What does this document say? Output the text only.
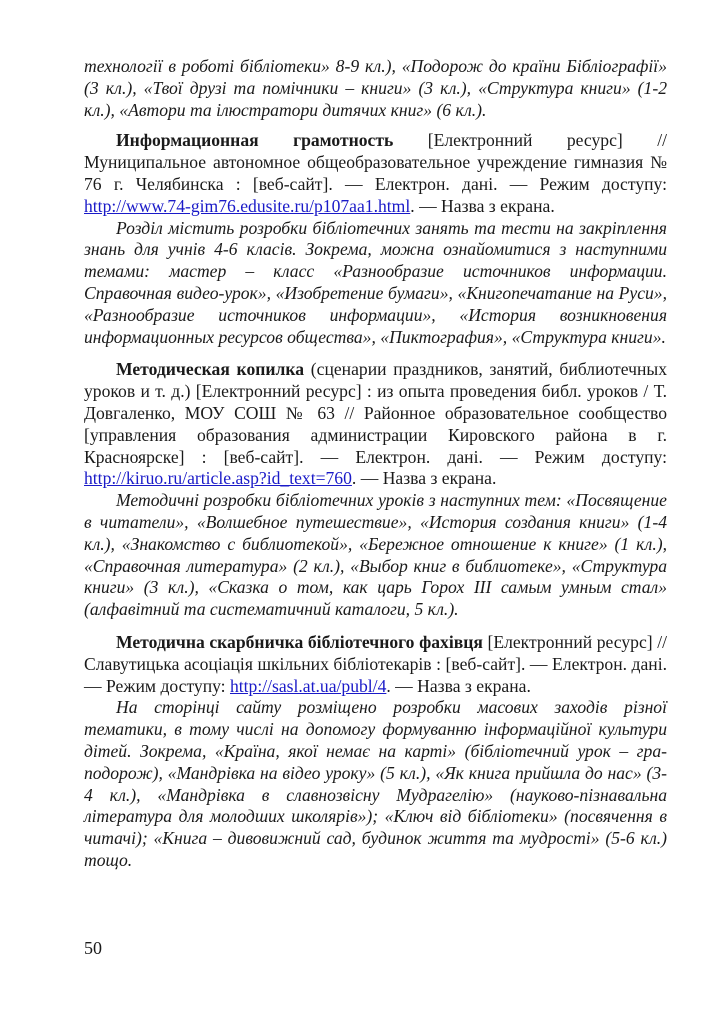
технології в роботі бібліотеки» 8-9 кл.), «Подорож до країни Бібліографії» (3 кл.), «Твої друзі та помічники – книги» (3 кл.), «Структура книги» (1-2 кл.), «Автори та ілюстратори дитячих книг» (6 кл.).

Информационная грамотность [Електронний ресурс] // Муниципальное автономное общеобразовательное учреждение гимназия № 76 г. Челябинска : [веб-сайт]. — Електрон. дані. — Режим доступу: http://www.74-gim76.edusite.ru/p107aa1.html. — Назва з екрана.

Розділ містить розробки бібліотечних занять та тести на закріплення знань для учнів 4-6 класів. Зокрема, можна ознайомитися з наступними темами: мастер – класс «Разнообразие источников информации. Справочная видео-урок», «Изобретение бумаги», «Книгопечатание на Руси», «Разнообразие источников информации», «История возникновения информационных ресурсов общества», «Пиктография», «Структура книги».

Методическая копилка (сценарии праздников, занятий, библиотечных уроков и т. д.) [Електронний ресурс] : из опыта проведения библ. уроков / Т. Довгаленко, МОУ СОШ № 63 // Районное образовательное сообщество [управления образования администрации Кировского района в г. Красноярске] : [веб-сайт]. — Електрон. дані. — Режим доступу: http://kiruo.ru/article.asp?id_text=760. — Назва з екрана.

Методичні розробки бібліотечних уроків з наступних тем: «Посвящение в читатели», «Волшебное путешествие», «История создания книги» (1-4 кл.), «Знакомство с библиотекой», «Бережное отношение к книге» (1 кл.), «Справочная литература» (2 кл.), «Выбор книг в библиотеке», «Структура книги» (3 кл.), «Сказка о том, как царь Горох III самым умным стал» (алфавітний та систематичний каталоги, 5 кл.).

Методична скарбничка бібліотечного фахівця [Електронний ресурс] // Славутицька асоціація шкільних бібліотекарів : [веб-сайт]. — Електрон. дані. — Режим доступу: http://sasl.at.ua/publ/4. — Назва з екрана.

На сторінці сайту розміщено розробки масових заходів різної тематики, в тому числі на допомогу формуванню інформаційної культури дітей. Зокрема, «Країна, якої немає на карті» (бібліотечний урок – гра-подорож), «Мандрівка на відео уроку» (5 кл.), «Як книга прийшла до нас» (3-4 кл.), «Мандрівка в славнозвісну Мудрагелію» (науково-пізнавальна література для молодших школярів»); «Ключ від бібліотеки» (посвячення в читачі); «Книга – дивовижний сад, будинок життя та мудрості» (5-6 кл.) тощо.

50
